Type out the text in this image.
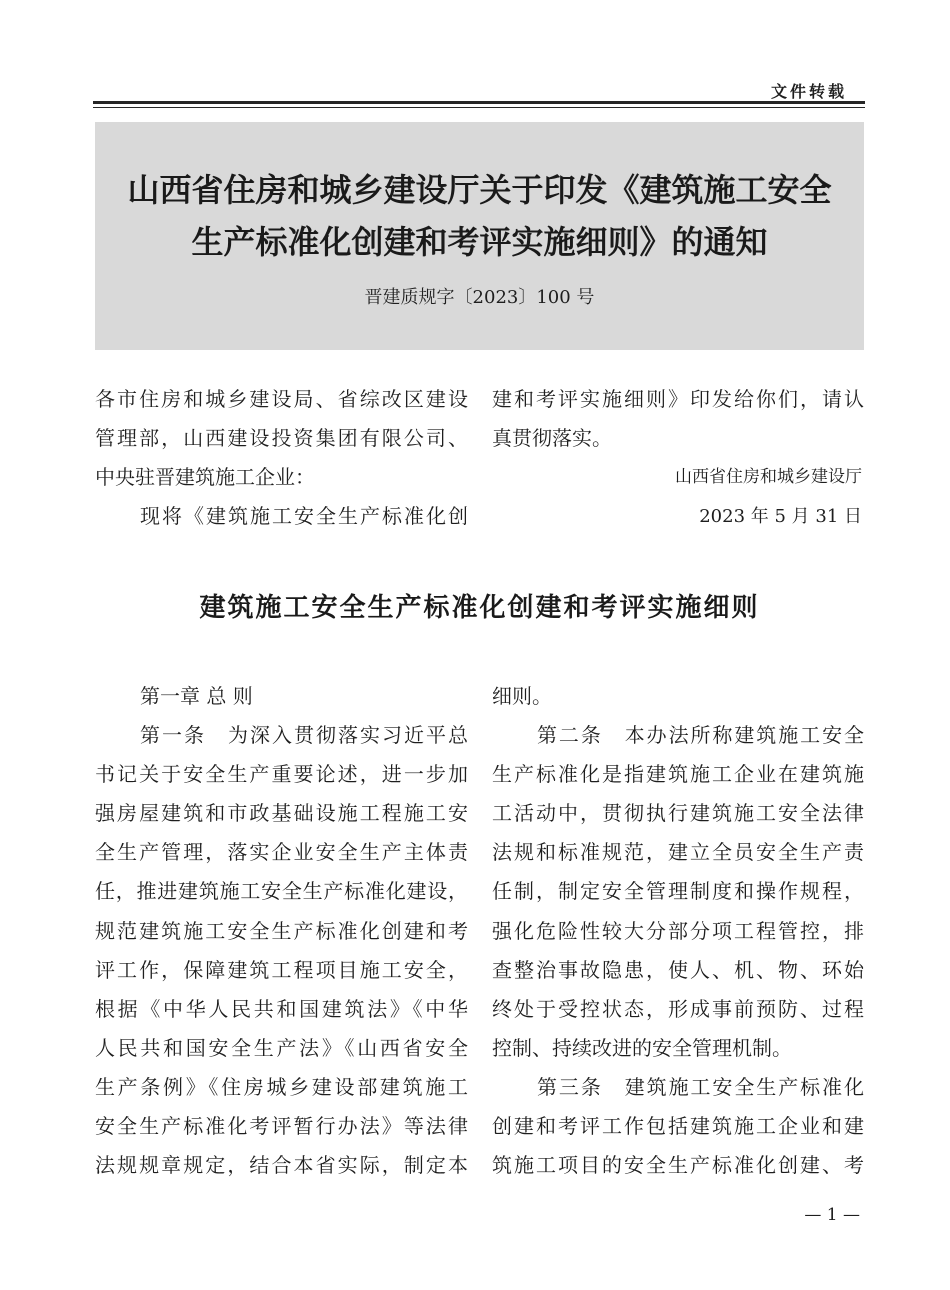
文件转载
山西省住房和城乡建设厅关于印发《建筑施工安全
生产标准化创建和考评实施细则》的通知
晋建质规字〔2023〕100 号
各市住房和城乡建设局、省综改区建设
管理部，山西建设投资集团有限公司、
中央驻晋建筑施工企业：
现将《建筑施工安全生产标准化创
建和考评实施细则》印发给你们，请认
真贯彻落实。
山西省住房和城乡建设厅
2023 年 5 月 31 日
建筑施工安全生产标准化创建和考评实施细则
第一章 总 则
第一条　为深入贯彻落实习近平总
书记关于安全生产重要论述，进一步加
强房屋建筑和市政基础设施工程施工安
全生产管理，落实企业安全生产主体责
任，推进建筑施工安全生产标准化建设，
规范建筑施工安全生产标准化创建和考
评工作，保障建筑工程项目施工安全，
根据《中华人民共和国建筑法》《中华
人民共和国安全生产法》《山西省安全
生产条例》《住房城乡建设部建筑施工
安全生产标准化考评暂行办法》等法律
法规规章规定，结合本省实际，制定本
细则。
第二条　本办法所称建筑施工安全
生产标准化是指建筑施工企业在建筑施
工活动中，贯彻执行建筑施工安全法律
法规和标准规范，建立全员安全生产责
任制，制定安全管理制度和操作规程，
强化危险性较大分部分项工程管控，排
查整治事故隐患，使人、机、物、环始
终处于受控状态，形成事前预防、过程
控制、持续改进的安全管理机制。
第三条　建筑施工安全生产标准化
创建和考评工作包括建筑施工企业和建
筑施工项目的安全生产标准化创建、考
— 1 —
